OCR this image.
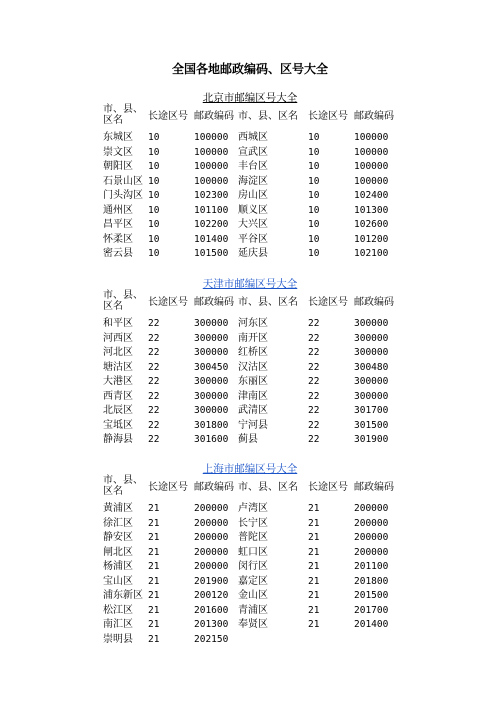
全国各地邮政编码、区号大全
北京市邮编区号大全
市、县、区名	长途区号 邮政编码 市、县、区名 长途区号 邮政编码
东城区 10	100000 西城区	10	100000
崇文区 10	100000 宣武区	10	100000
朝阳区 10	100000 丰台区	10	100000
石景山区 10	100000 海淀区	10	100000
门头沟区 10	102300 房山区	10	102400
通州区 10	101100 顺义区	10	101300
昌平区 10	102200 大兴区	10	102600
怀柔区 10	101400 平谷区	10	101200
密云县 10	101500 延庆县	10	102100
天津市邮编区号大全
市、县、区名	长途区号 邮政编码 市、县、区名 长途区号 邮政编码
和平区 22	300000 河东区	22	300000
河西区 22	300000 南开区	22	300000
河北区 22	300000 红桥区	22	300000
塘沽区 22	300450 汉沽区	22	300480
大港区 22	300000 东丽区	22	300000
西青区 22	300000 津南区	22	300000
北辰区 22	300000 武清区	22	301700
宝坻区 22	301800 宁河县	22	301500
静海县 22	301600 蓟县	22	301900
上海市邮编区号大全
市、县、区名	长途区号 邮政编码 市、县、区名 长途区号 邮政编码
黄浦区 21	200000 卢湾区	21	200000
徐汇区 21	200000 长宁区	21	200000
静安区 21	200000 普陀区	21	200000
闸北区 21	200000 虹口区	21	200000
杨浦区 21	200000 闵行区	21	201100
宝山区 21	201900 嘉定区	21	201800
浦东新区 21	200120 金山区	21	201500
松江区 21	201600 青浦区	21	201700
南汇区 21	201300 奉贤区	21	201400
崇明县 21	202150
